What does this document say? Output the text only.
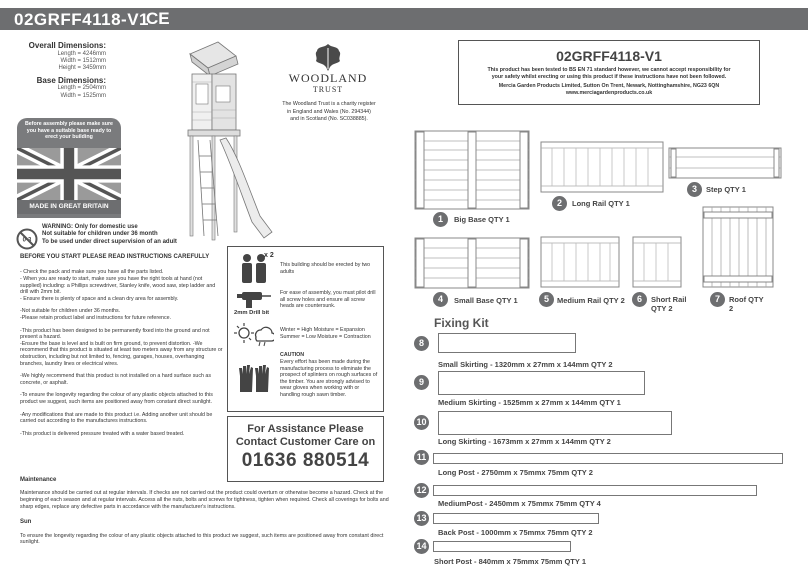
02GRFF4118-V1
CE
Overall Dimensions:
Length = 4246mm
Width = 1512mm
Height = 3459mm
Base Dimensions:
Length = 2504mm
Width = 1525mm
Before assembly please make sure you have a suitable base ready to erect your building
MADE IN GREAT BRITAIN
0-3
WARNING: Only for domestic use
Not suitable for children under 36 month
To be used under direct supervision of an adult
WOODLAND
TRUST
The Woodland Trust is a charity register in England and Wales (No. 294344) and in Scotland (No. SC038885).
BEFORE YOU START PLEASE READ INSTRUCTIONS CAREFULLY
- Check the pack and make sure you have all the parts listed.
- When you are ready to start, make sure you have the right tools at hand (not supplied) including: a Phillips screwdriver, Stanley knife, wood saw, step ladder and drill with 2mm bit.
- Ensure there is plenty of space and a clean dry area for assembly.
-Not suitable for children under 36 months.
-Please retain product label and instructions for future reference.
-This product has been designed to be permanently fixed into the ground and not present a hazard.
-Ensure the base is level and is built on firm ground, to prevent distortion. -We recommend that this product is situated at least two meters away from any structure or obstruction, including but not limited to, fencing, garages, houses, overhanging branches, laundry lines or electrical wires.
-We highly recommend that this product is not installed on a hard surface such as concrete, or asphalt.
-To ensure the longevity regarding the colour of any plastic objects attached to this product we suggest, such items are positioned away from constant direct sunlight.
-Any modifications that are made to this product i.e. Adding another unit should be carried out according to the manufactures instructions.
-This product is delivered pressure treated with a water based treated.
Maintenance
Maintenance should be carried out at regular intervals. If checks are not carried out the product could overturn or otherwise become a hazard. Check at the beginning of each season and at regular intervals. Access all the nuts, bolts and screws for tightness, tighten when required. Check all coverings for bolts and sharp edges, replace any defective parts in accordance with the manufacturer's instructions.
Sun
To ensure the longevity regarding the colour of any plastic objects attached to this product we suggest, such items are positioned away from constant direct sunlight.
x 2
This building should be erected by two adults
2mm Drill bit
For ease of assembly, you must pilot drill all screw holes and ensure all screw heads are countersunk.
Winter = High Moisture = Expansion Summer = Low Moisture = Contraction
CAUTION
Every effort has been made during the manufacturing process to eliminate the prospect of splinters on rough surfaces of the timber. You are strongly advised to wear gloves when working with or handling rough sawn timber.
For Assistance Please
Contact Customer Care on
01636 880514
02GRFF4118-V1
This product has been tested to BS EN 71 standard however, we cannot accept responsibility for your safety whilst erecting or using this product if these instructions have not been followed.
Mercia Garden Products Limited, Sutton On Trent, Newark, Nottinghamshire, NG23 6QN
www.merciagardenproducts.co.uk
1	Big Base QTY 1
2	Long Rail QTY 1
3	Step QTY 1
4	Small Base QTY 1	5	Medium Rail QTY 2	6	Short Rail QTY 2
7	Roof QTY 2
Fixing Kit
8
Small Skirting - 1320mm x 27mm x 144mm QTY 2
9
Medium Skirting - 1525mm x 27mm x 144mm QTY 1
10
Long Skirting - 1673mm x 27mm x 144mm QTY 2
11
Long Post - 2750mm x 75mmx 75mm QTY 2
12
MediumPost - 2450mm x 75mmx 75mm QTY 4
13
Back Post - 1000mm x 75mmx 75mm QTY 2
14
Short Post - 840mm x 75mmx 75mm QTY 1
